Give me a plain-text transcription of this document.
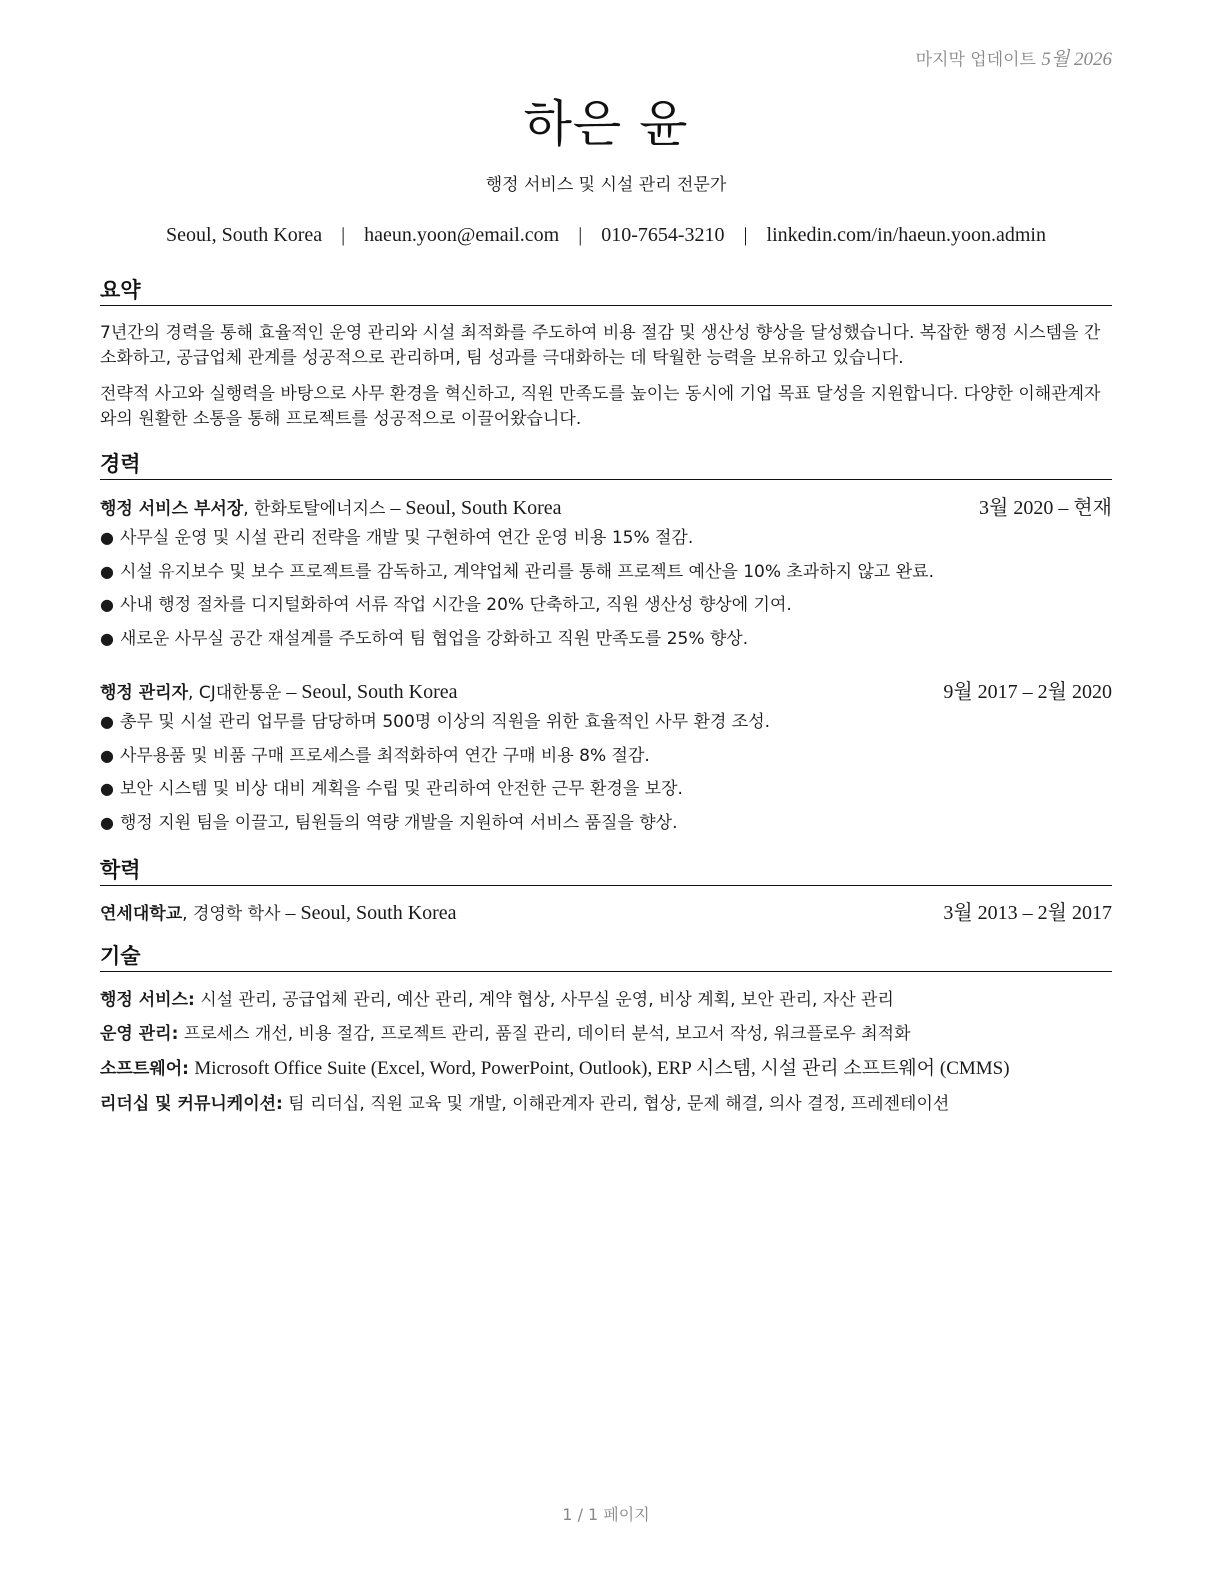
마지막 업데이트 5월 2026
하은 윤
행정 서비스 및 시설 관리 전문가
Seoul, South Korea | haeun.yoon@email.com | 010-7654-3210 | linkedin.com/in/haeun.yoon.admin
요약
7년간의 경력을 통해 효율적인 운영 관리와 시설 최적화를 주도하여 비용 절감 및 생산성 향상을 달성했습니다. 복잡한 행정 시스템을 간소화하고, 공급업체 관계를 성공적으로 관리하며, 팀 성과를 극대화하는 데 탁월한 능력을 보유하고 있습니다.
전략적 사고와 실행력을 바탕으로 사무 환경을 혁신하고, 직원 만족도를 높이는 동시에 기업 목표 달성을 지원합니다. 다양한 이해관계자와의 원활한 소통을 통해 프로젝트를 성공적으로 이끌어왔습니다.
경력
행정 서비스 부서장, 한화토탈에너지스 – Seoul, South Korea	3월 2020 – 현재
● 사무실 운영 및 시설 관리 전략을 개발 및 구현하여 연간 운영 비용 15% 절감.
● 시설 유지보수 및 보수 프로젝트를 감독하고, 계약업체 관리를 통해 프로젝트 예산을 10% 초과하지 않고 완료.
● 사내 행정 절차를 디지털화하여 서류 작업 시간을 20% 단축하고, 직원 생산성 향상에 기여.
● 새로운 사무실 공간 재설계를 주도하여 팀 협업을 강화하고 직원 만족도를 25% 향상.
행정 관리자, CJ대한통운 – Seoul, South Korea	9월 2017 – 2월 2020
● 총무 및 시설 관리 업무를 담당하며 500명 이상의 직원을 위한 효율적인 사무 환경 조성.
● 사무용품 및 비품 구매 프로세스를 최적화하여 연간 구매 비용 8% 절감.
● 보안 시스템 및 비상 대비 계획을 수립 및 관리하여 안전한 근무 환경을 보장.
● 행정 지원 팀을 이끌고, 팀원들의 역량 개발을 지원하여 서비스 품질을 향상.
학력
연세대학교, 경영학 학사 – Seoul, South Korea	3월 2013 – 2월 2017
기술
행정 서비스: 시설 관리, 공급업체 관리, 예산 관리, 계약 협상, 사무실 운영, 비상 계획, 보안 관리, 자산 관리
운영 관리: 프로세스 개선, 비용 절감, 프로젝트 관리, 품질 관리, 데이터 분석, 보고서 작성, 워크플로우 최적화
소프트웨어: Microsoft Office Suite (Excel, Word, PowerPoint, Outlook), ERP 시스템, 시설 관리 소프트웨어 (CMMS)
리더십 및 커뮤니케이션: 팀 리더십, 직원 교육 및 개발, 이해관계자 관리, 협상, 문제 해결, 의사 결정, 프레젠테이션
1 / 1 페이지
